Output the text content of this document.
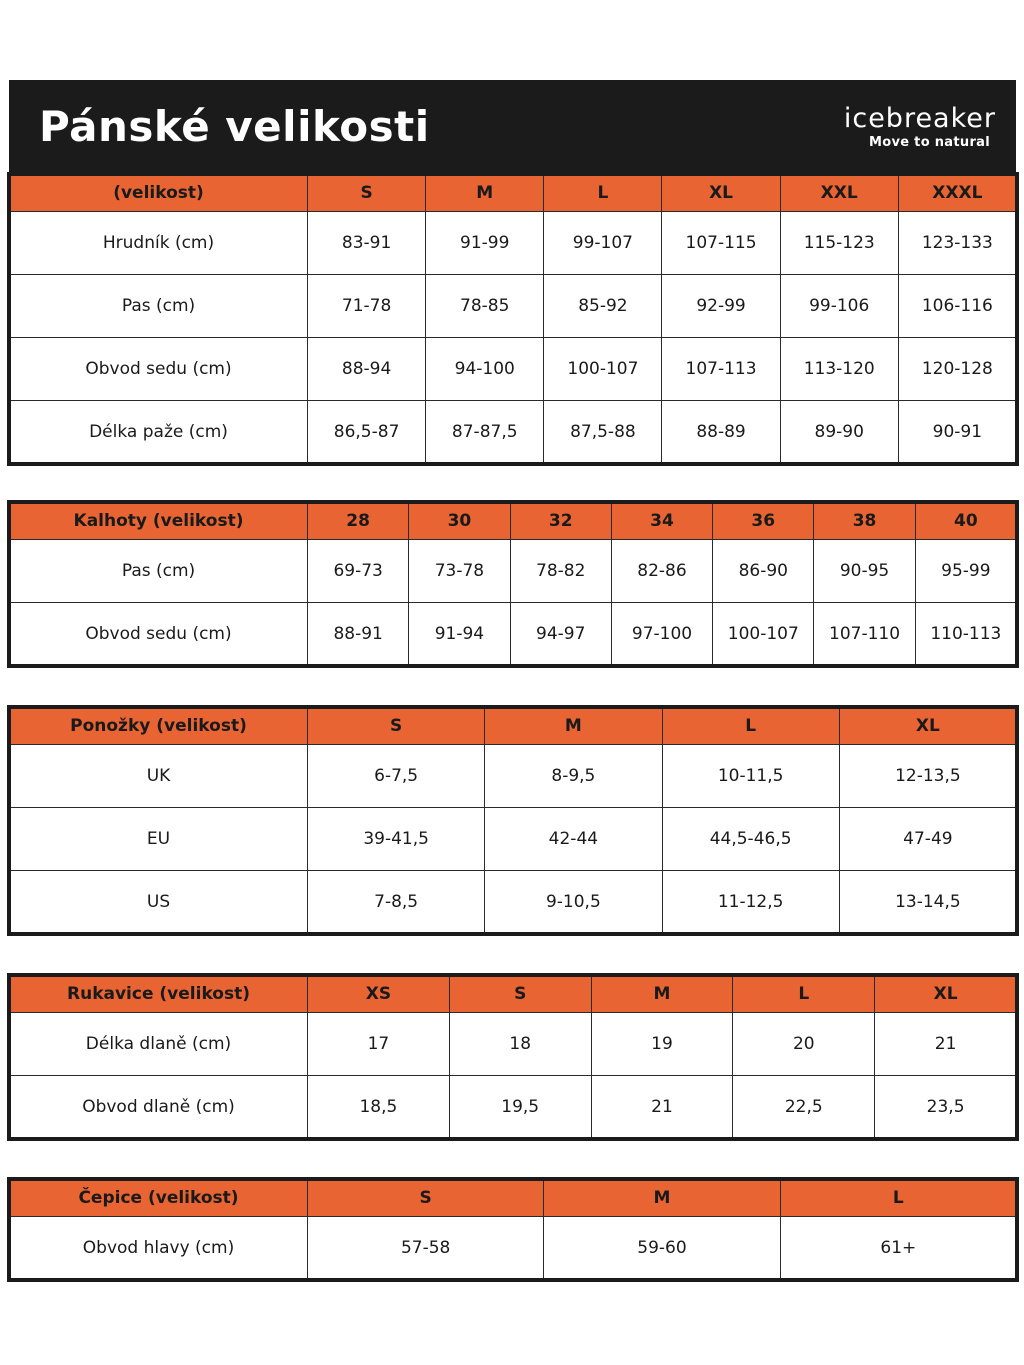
Pánské velikosti	icebreaker
Move to natural
(velikost)	S	M	L	XL	XXL	XXXL
Hrudník (cm)	83-91	91-99	99-107	107-115	115-123	123-133
Pas (cm)	71-78	78-85	85-92	92-99	99-106	106-116
Obvod sedu (cm)	88-94	94-100	100-107	107-113	113-120	120-128
Délka paže (cm)	86,5-87	87-87,5	87,5-88	88-89	89-90	90-91
Kalhoty (velikost)	28	30	32	34	36	38	40
Pas (cm)	69-73	73-78	78-82	82-86	86-90	90-95	95-99
Obvod sedu (cm)	88-91	91-94	94-97	97-100	100-107	107-110	110-113
Ponožky (velikost)	S	M	L	XL
UK	6-7,5	8-9,5	10-11,5	12-13,5
EU	39-41,5	42-44	44,5-46,5	47-49
US	7-8,5	9-10,5	11-12,5	13-14,5
Rukavice (velikost)	XS	S	M	L	XL
Délka dlaně (cm)	17	18	19	20	21
Obvod dlaně (cm)	18,5	19,5	21	22,5	23,5
Čepice (velikost)	S	M	L
Obvod hlavy (cm)	57-58	59-60	61+
